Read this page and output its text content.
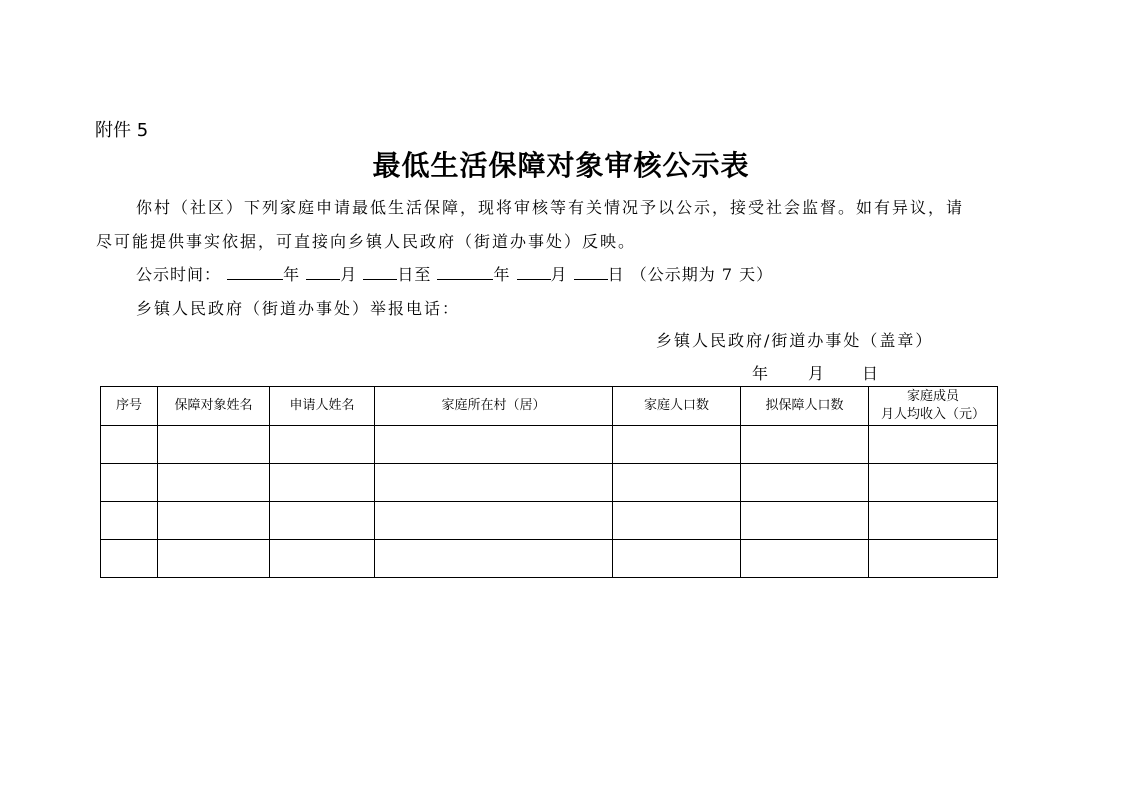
附件 5
最低生活保障对象审核公示表
你村（社区）下列家庭申请最低生活保障，现将审核等有关情况予以公示，接受社会监督。如有异议，请
尽可能提供事实依据，可直接向乡镇人民政府（街道办事处）反映。
公示时间：	年	月	日至	年	月	日 （公示期为 7 天）
乡镇人民政府（街道办事处）举报电话：
乡镇人民政府/街道办事处（盖章）
年 月 日
序号	保障对象姓名	申请人姓名	家庭所在村（居）	家庭人口数	拟保障人口数	家庭成员
月人均收入（元）
